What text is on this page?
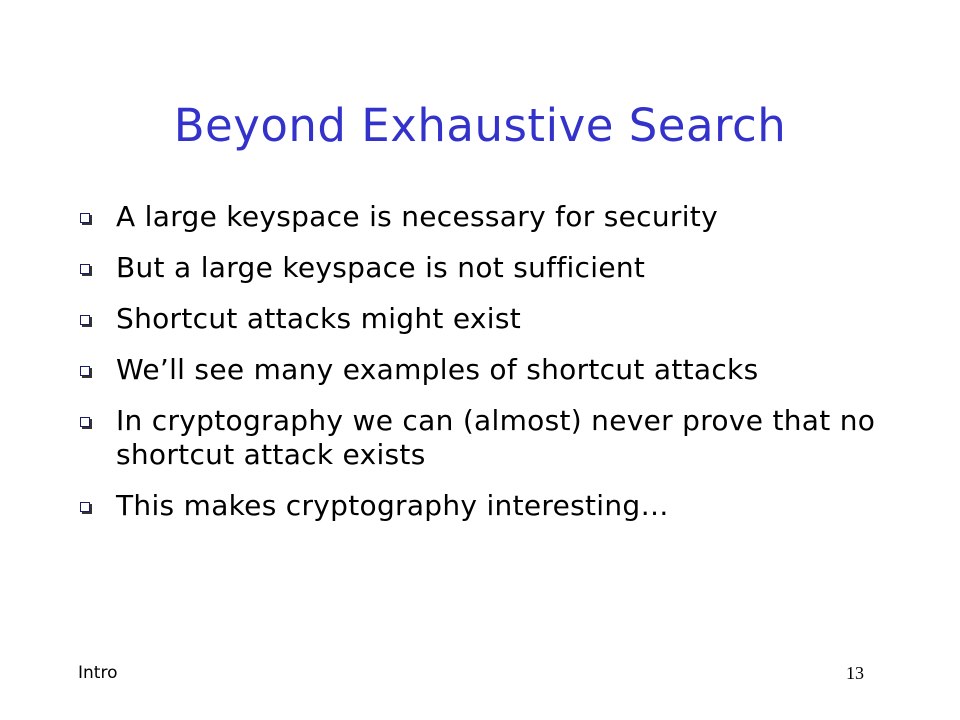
Beyond Exhaustive Search
A large keyspace is necessary for security
But a large keyspace is not sufficient
Shortcut attacks might exist
We’ll see many examples of shortcut attacks
In cryptography we can (almost) never prove that no shortcut attack exists
This makes cryptography interesting…
Intro	13
